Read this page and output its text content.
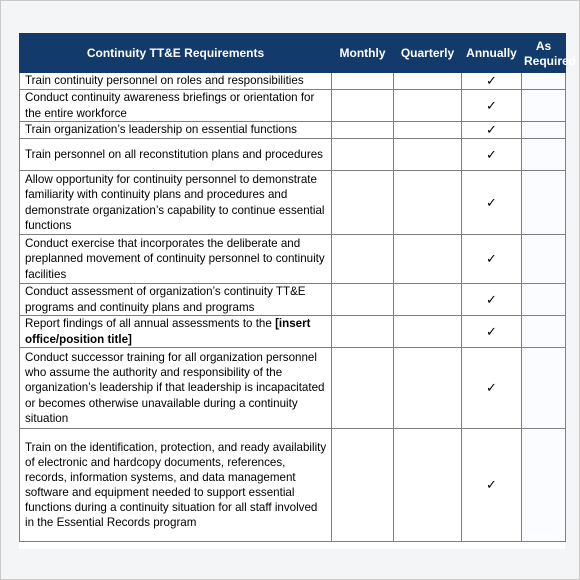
Continuity TT&E Requirements	Monthly	Quarterly	Annually	As
Required
Train continuity personnel on roles and responsibilities			✓	
Conduct continuity awareness briefings or orientation for the entire workforce			✓	
Train organization’s leadership on essential functions			✓	
Train personnel on all reconstitution plans and procedures			✓	
Allow opportunity for continuity personnel to demonstrate familiarity with continuity plans and procedures and demonstrate organization’s capability to continue essential functions			✓	
Conduct exercise that incorporates the deliberate and preplanned movement of continuity personnel to continuity facilities			✓	
Conduct assessment of organization’s continuity TT&E programs and continuity plans and programs			✓	
Report findings of all annual assessments to the [insert office/position title]			✓	
Conduct successor training for all organization personnel who assume the authority and responsibility of the organization’s leadership if that leadership is incapacitated or becomes otherwise unavailable during a continuity situation			✓	
Train on the identification, protection, and ready availability of electronic and hardcopy documents, references, records, information systems, and data management software and equipment needed to support essential functions during a continuity situation for all staff involved in the Essential Records program			✓	
